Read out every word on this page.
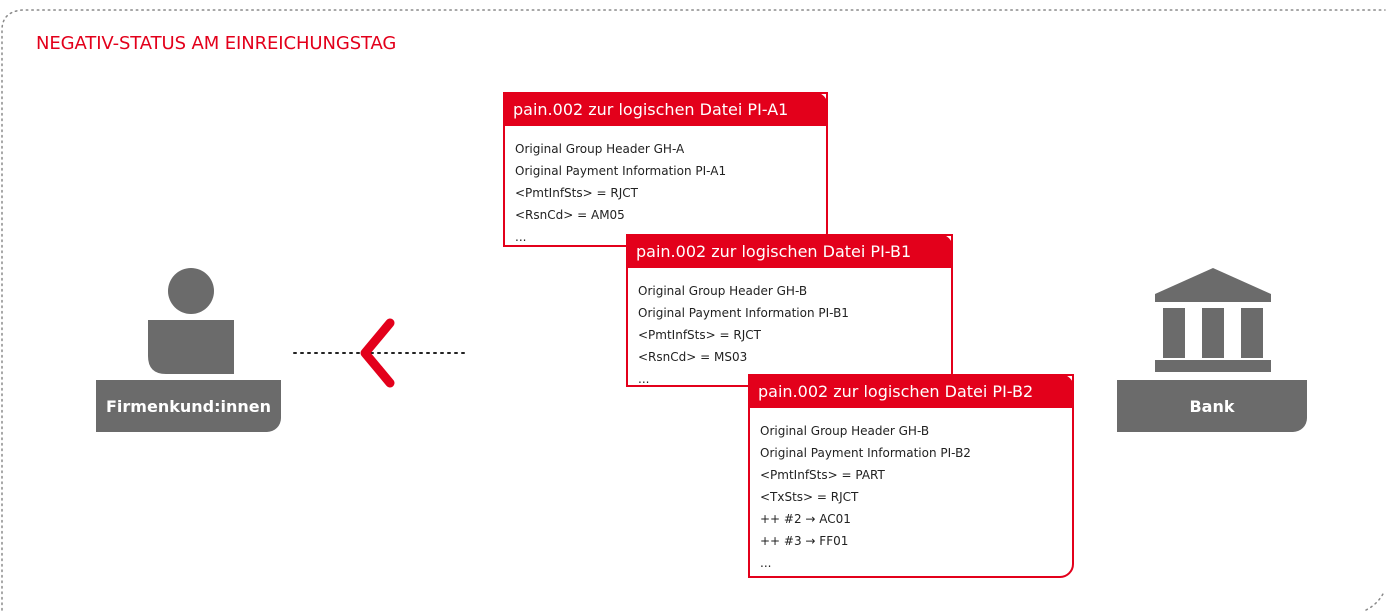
NEGATIV-STATUS AM EINREICHUNGSTAG
Firmenkund:innen	Bank
pain.002 zur logischen Datei PI-A1
Original Group Header GH-A
Original Payment Information PI-A1
<PmtInfSts> = RJCT
<RsnCd> = AM05
...
pain.002 zur logischen Datei PI-B1
Original Group Header GH-B
Original Payment Information PI-B1
<PmtInfSts> = RJCT
<RsnCd> = MS03
...
pain.002 zur logischen Datei PI-B2
Original Group Header GH-B
Original Payment Information PI-B2
<PmtInfSts> = PART
<TxSts> = RJCT
++ #2 → AC01
++ #3 → FF01
...
